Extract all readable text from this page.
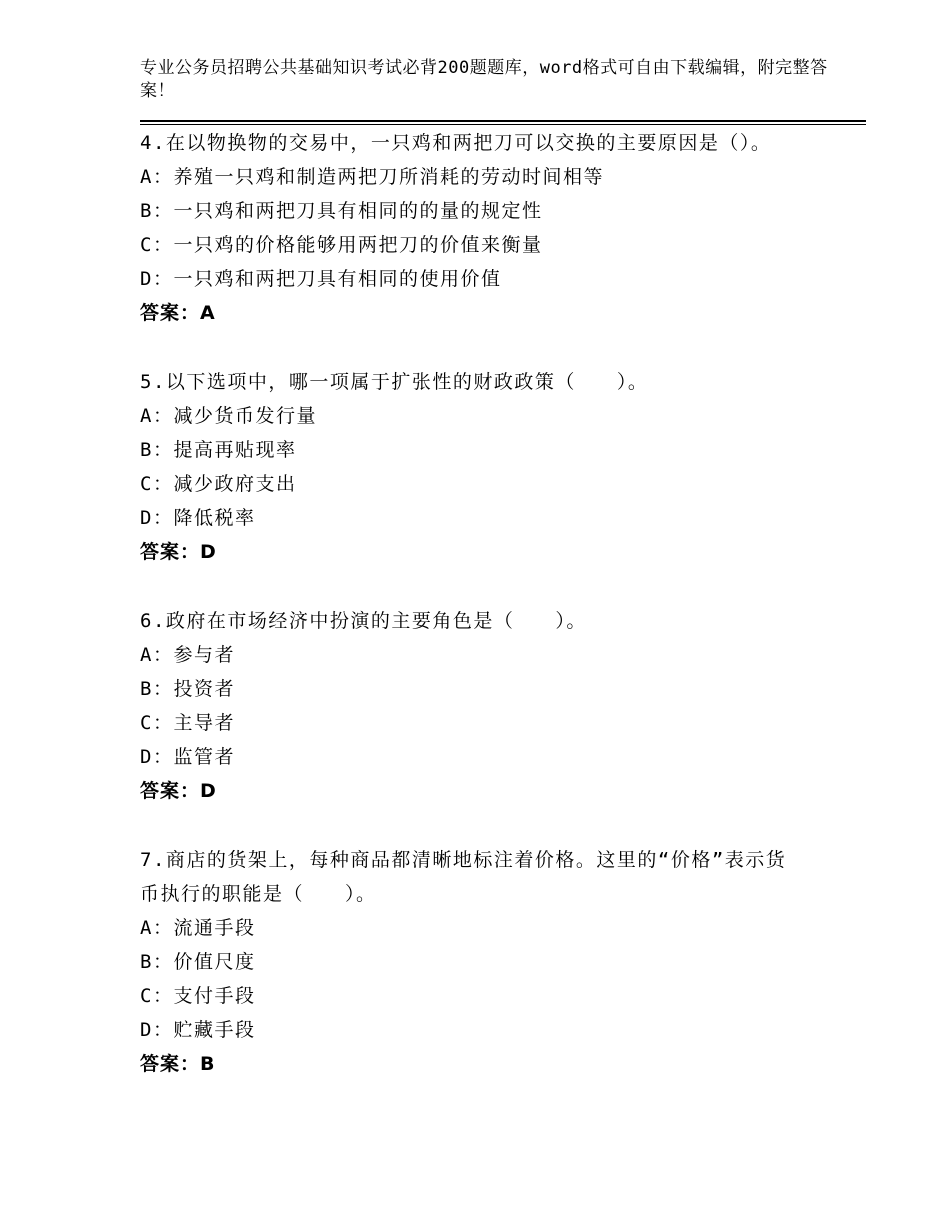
专业公务员招聘公共基础知识考试必背200题题库，word格式可自由下载编辑，附完整答案！

4.在以物换物的交易中，一只鸡和两把刀可以交换的主要原因是（）。

A：养殖一只鸡和制造两把刀所消耗的劳动时间相等

B：一只鸡和两把刀具有相同的的量的规定性

C：一只鸡的价格能够用两把刀的价值来衡量

D：一只鸡和两把刀具有相同的使用价值

答案：A

5.以下选项中，哪一项属于扩张性的财政政策（　　）。

A：减少货币发行量

B：提高再贴现率

C：减少政府支出

D：降低税率

答案：D

6.政府在市场经济中扮演的主要角色是（　　）。

A：参与者

B：投资者

C：主导者

D：监管者

答案：D

7.商店的货架上，每种商品都清晰地标注着价格。这里的“价格”表示货币执行的职能是（　　）。

A：流通手段

B：价值尺度

C：支付手段

D：贮藏手段

答案：B
